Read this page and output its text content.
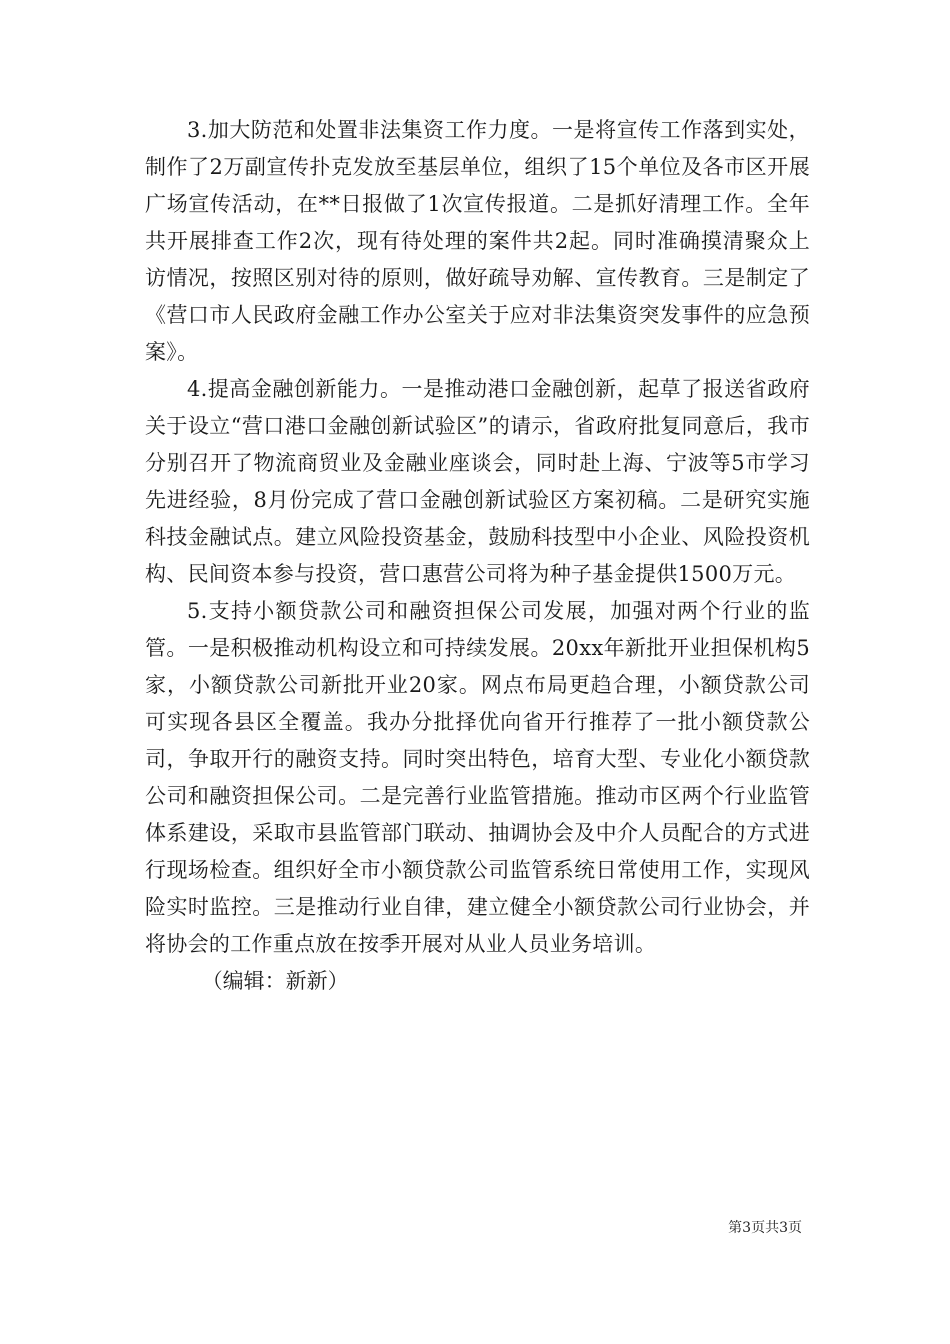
3.加大防范和处置非法集资工作力度。一是将宣传工作落到实处，制作了2万副宣传扑克发放至基层单位，组织了15个单位及各市区开展广场宣传活动，在**日报做了1次宣传报道。二是抓好清理工作。全年共开展排查工作2次，现有待处理的案件共2起。同时准确摸清聚众上访情况，按照区别对待的原则，做好疏导劝解、宣传教育。三是制定了《营口市人民政府金融工作办公室关于应对非法集资突发事件的应急预案》。

4.提高金融创新能力。一是推动港口金融创新，起草了报送省政府关于设立“营口港口金融创新试验区”的请示，省政府批复同意后，我市分别召开了物流商贸业及金融业座谈会，同时赴上海、宁波等5市学习先进经验，8月份完成了营口金融创新试验区方案初稿。二是研究实施科技金融试点。建立风险投资基金，鼓励科技型中小企业、风险投资机构、民间资本参与投资，营口惠营公司将为种子基金提供1500万元。

5.支持小额贷款公司和融资担保公司发展，加强对两个行业的监管。一是积极推动机构设立和可持续发展。20xx年新批开业担保机构5家，小额贷款公司新批开业20家。网点布局更趋合理，小额贷款公司可实现各县区全覆盖。我办分批择优向省开行推荐了一批小额贷款公司，争取开行的融资支持。同时突出特色，培育大型、专业化小额贷款公司和融资担保公司。二是完善行业监管措施。推动市区两个行业监管体系建设，采取市县监管部门联动、抽调协会及中介人员配合的方式进行现场检查。组织好全市小额贷款公司监管系统日常使用工作，实现风险实时监控。三是推动行业自律，建立健全小额贷款公司行业协会，并将协会的工作重点放在按季开展对从业人员业务培训。

（编辑：新新）

第3页共3页
